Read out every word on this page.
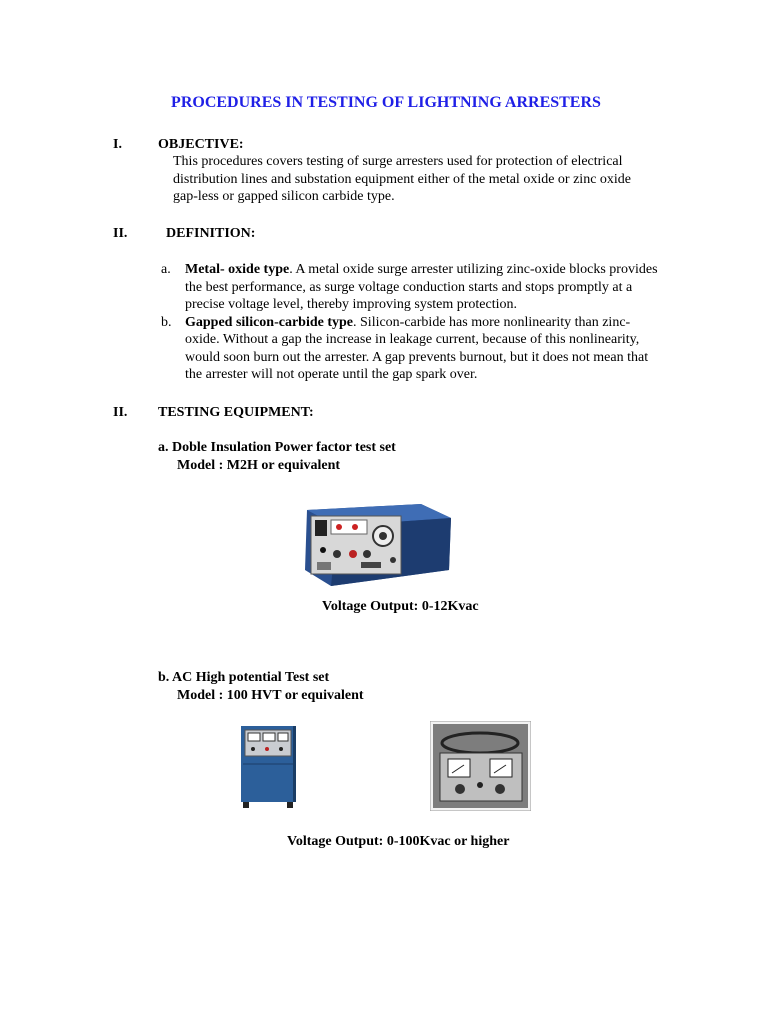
PROCEDURES IN TESTING OF LIGHTNING ARRESTERS
I.	OBJECTIVE:
This procedures covers testing of surge arresters used for protection of electrical distribution lines and substation equipment either of the metal oxide or zinc oxide gap-less or gapped silicon carbide type.
II.	DEFINITION:

a. Metal- oxide type. A metal oxide surge arrester utilizing zinc-oxide blocks provides the best performance, as surge voltage conduction starts and stops promptly at a precise voltage level, thereby improving system protection.

b. Gapped silicon-carbide type. Silicon-carbide has more nonlinearity than zinc-oxide. Without a gap the increase in leakage current, because of this nonlinearity, would soon burn out the arrester. A gap prevents burnout, but it does not mean that the arrester will not operate until the gap spark over.

II.	TESTING EQUIPMENT:
a. Doble Insulation Power factor test set
Model : M2H or equivalent
Voltage Output: 0-12Kvac
b. AC High potential Test set
Model : 100 HVT or equivalent
Voltage Output: 0-100Kvac or higher
